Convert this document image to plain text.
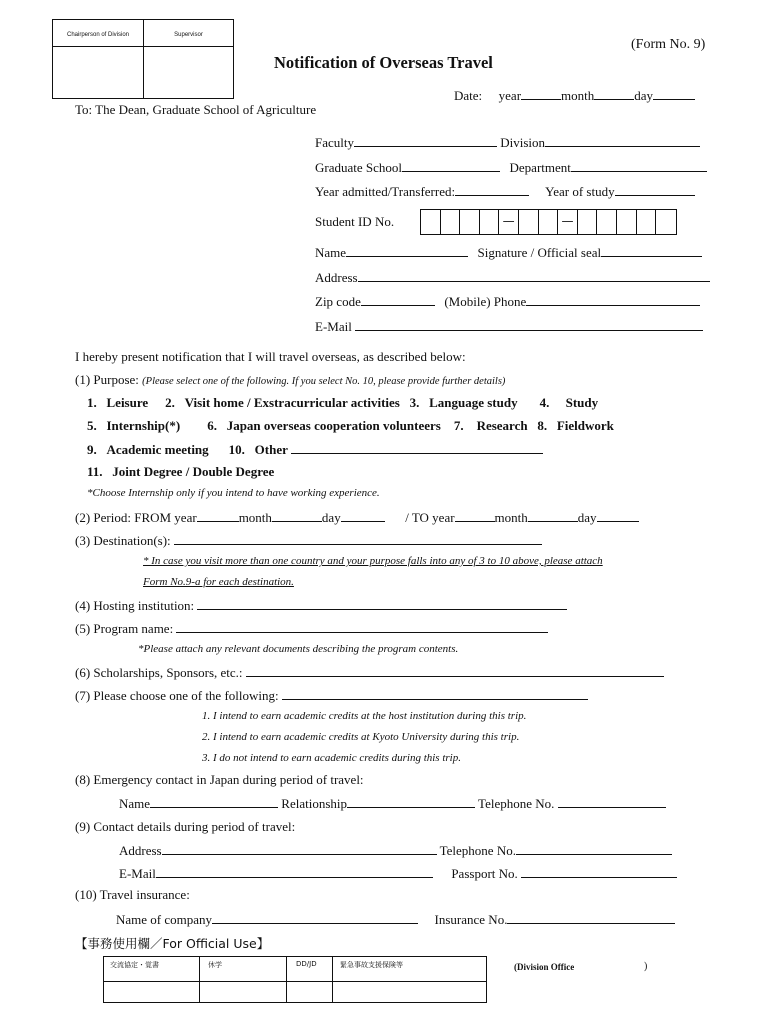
Chairperson of Division	Supervisor
(Form No. 9)
Notification of Overseas Travel
Date: year	month	day
To: The Dean, Graduate School of Agriculture
Faculty	Division
Graduate School	Department
Year admitted/Transferred:	Year of study
Student ID No.	—	—
Name	Signature / Official seal
Address
Zip code	(Mobile) Phone
E-Mail
I hereby present notification that I will travel overseas, as described below:
(1) Purpose: (Please select one of the following. If you select No. 10, please provide further details)
1. Leisure 2. Visit home / Exstracurricular activities 3. Language study 4. Study
5. Internship(*) 6. Japan overseas cooperation volunteers 7. Research 8. Fieldwork
9. Academic meeting 10. Other
11. Joint Degree / Double Degree
*Choose Internship only if you intend to have working experience.
(2) Period: FROM year	month	day	/ TO year	month	day
(3) Destination(s):
* In case you visit more than one country and your purpose falls into any of 3 to 10 above, please attach
Form No.9-a for each destination.
(4) Hosting institution:
(5) Program name:
*Please attach any relevant documents describing the program contents.
(6) Scholarships, Sponsors, etc.:
(7) Please choose one of the following:
1. I intend to earn academic credits at the host institution during this trip.
2. I intend to earn academic credits at Kyoto University during this trip.
3. I do not intend to earn academic credits during this trip.
(8) Emergency contact in Japan during period of travel:
Name	Relationship	Telephone No.
(9) Contact details during period of travel:
Address	Telephone No.
E-Mail	Passport No.
(10) Travel insurance:
Name of company	Insurance No.
【事務使用欄／For Official Use】
交流協定・覚書	休学	DD/JD	緊急事故支援保険等	(Division Office	)
